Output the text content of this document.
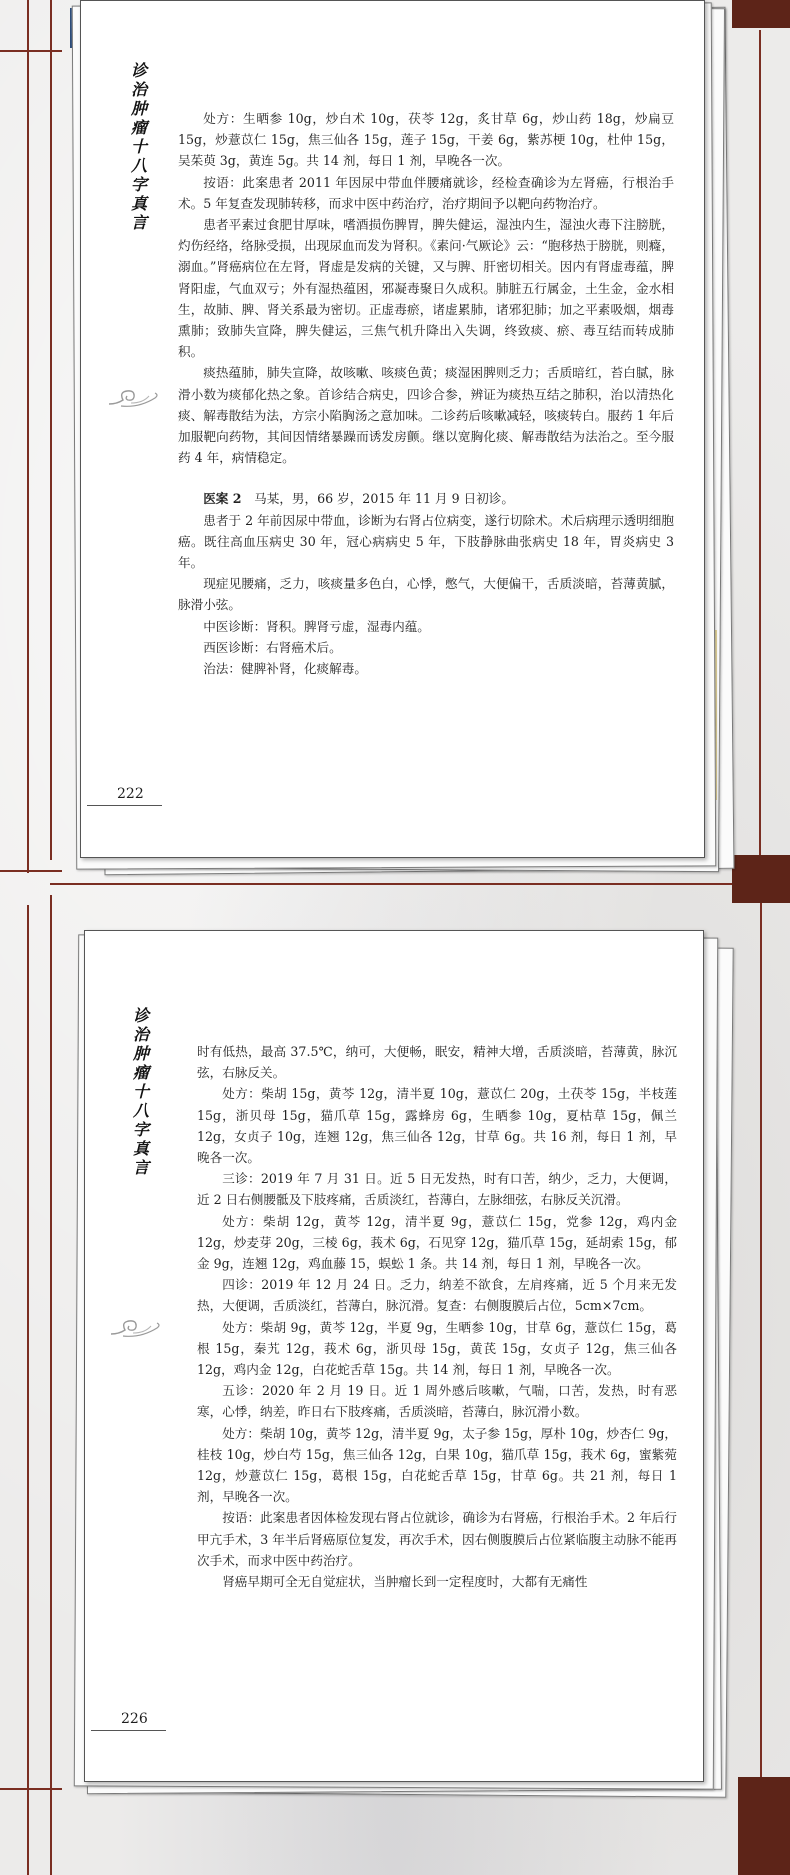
诊治肿瘤十八字真言

处方：生晒参 10g，炒白术 10g，茯苓 12g，炙甘草 6g，炒山药 18g，炒扁豆 15g，炒薏苡仁 15g，焦三仙各 15g，莲子 15g，干姜 6g，紫苏梗 10g，杜仲 15g，吴茱萸 3g，黄连 5g。共 14 剂，每日 1 剂，早晚各一次。

按语：此案患者 2011 年因尿中带血伴腰痛就诊，经检查确诊为左肾癌，行根治手术。5 年复查发现肺转移，而求中医中药治疗，治疗期间予以靶向药物治疗。

患者平素过食肥甘厚味，嗜酒损伤脾胃，脾失健运，湿浊内生，湿浊火毒下注膀胱，灼伤经络，络脉受损，出现尿血而发为肾积。《素问·气厥论》云：“胞移热于膀胱，则癃，溺血。”肾癌病位在左肾，肾虚是发病的关键，又与脾、肝密切相关。因内有肾虚毒蕴，脾肾阳虚，气血双亏；外有湿热蕴困，邪凝毒聚日久成积。肺脏五行属金，土生金，金水相生，故肺、脾、肾关系最为密切。正虚毒瘀，诸虚累肺，诸邪犯肺；加之平素吸烟，烟毒熏肺；致肺失宣降，脾失健运，三焦气机升降出入失调，终致痰、瘀、毒互结而转成肺积。

痰热蕴肺，肺失宣降，故咳嗽、咳痰色黄；痰湿困脾则乏力；舌质暗红，苔白腻，脉滑小数为痰郁化热之象。首诊结合病史，四诊合参，辨证为痰热互结之肺积，治以清热化痰、解毒散结为法，方宗小陷胸汤之意加味。二诊药后咳嗽减轻，咳痰转白。服药 1 年后加服靶向药物，其间因情绪暴躁而诱发房颤。继以宽胸化痰、解毒散结为法治之。至今服药 4 年，病情稳定。

医案 2　 马某，男，66 岁，2015 年 11 月 9 日初诊。

患者于 2 年前因尿中带血，诊断为右肾占位病变，遂行切除术。术后病理示透明细胞癌。既往高血压病史 30 年，冠心病病史 5 年，下肢静脉曲张病史 18 年，胃炎病史 3 年。

现症见腰痛，乏力，咳痰量多色白，心悸，憋气，大便偏干，舌质淡暗，苔薄黄腻，脉滑小弦。

中医诊断：肾积。脾肾亏虚，湿毒内蕴。

西医诊断：右肾癌术后。

治法：健脾补肾，化痰解毒。

222
诊治肿瘤十八字真言

时有低热，最高 37.5℃，纳可，大便畅，眠安，精神大增，舌质淡暗，苔薄黄，脉沉弦，右脉反关。

处方：柴胡 15g，黄芩 12g，清半夏 10g，薏苡仁 20g，土茯苓 15g，半枝莲 15g，浙贝母 15g，猫爪草 15g，露蜂房 6g，生晒参 10g，夏枯草 15g，佩兰 12g，女贞子 10g，连翘 12g，焦三仙各 12g，甘草 6g。共 16 剂，每日 1 剂，早晚各一次。

三诊：2019 年 7 月 31 日。近 5 日无发热，时有口苦，纳少，乏力，大便调，近 2 日右侧腰骶及下肢疼痛，舌质淡红，苔薄白，左脉细弦，右脉反关沉滑。

处方：柴胡 12g，黄芩 12g，清半夏 9g，薏苡仁 15g，党参 12g，鸡内金 12g，炒麦芽 20g，三棱 6g，莪术 6g，石见穿 12g，猫爪草 15g，延胡索 15g，郁金 9g，连翘 12g，鸡血藤 15，蜈蚣 1 条。共 14 剂，每日 1 剂，早晚各一次。

四诊：2019 年 12 月 24 日。乏力，纳差不欲食，左肩疼痛，近 5 个月来无发热，大便调，舌质淡红，苔薄白，脉沉滑。复查：右侧腹膜后占位，5cm×7cm。

处方：柴胡 9g，黄芩 12g，半夏 9g，生晒参 10g，甘草 6g，薏苡仁 15g，葛根 15g，秦艽 12g，莪术 6g，浙贝母 15g，黄芪 15g，女贞子 12g，焦三仙各 12g，鸡内金 12g，白花蛇舌草 15g。共 14 剂，每日 1 剂，早晚各一次。

五诊：2020 年 2 月 19 日。近 1 周外感后咳嗽，气喘，口苦，发热，时有恶寒，心悸，纳差，昨日右下肢疼痛，舌质淡暗，苔薄白，脉沉滑小数。

处方：柴胡 10g，黄芩 12g，清半夏 9g，太子参 15g，厚朴 10g，炒杏仁 9g，桂枝 10g，炒白芍 15g，焦三仙各 12g，白果 10g，猫爪草 15g，莪术 6g，蜜紫菀 12g，炒薏苡仁 15g，葛根 15g，白花蛇舌草 15g，甘草 6g。共 21 剂，每日 1 剂，早晚各一次。

按语：此案患者因体检发现右肾占位就诊，确诊为右肾癌，行根治手术。2 年后行甲亢手术，3 年半后肾癌原位复发，再次手术，因右侧腹膜后占位紧临腹主动脉不能再次手术，而求中医中药治疗。

肾癌早期可全无自觉症状，当肿瘤长到一定程度时，大都有无痛性

226
